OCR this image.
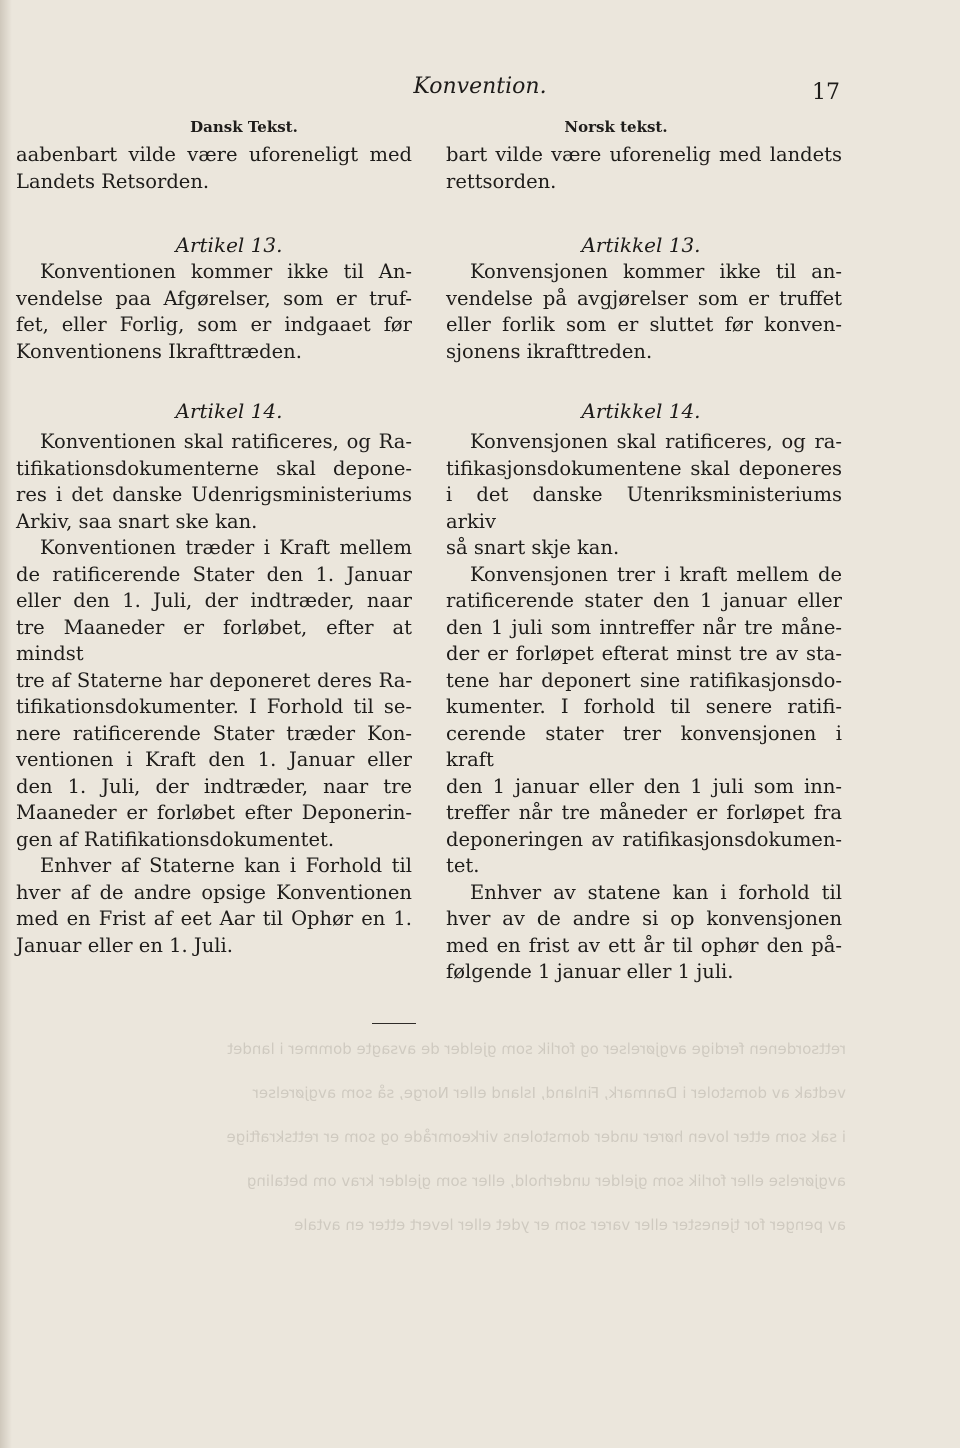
Konvention.	17
rettsordenen ferdige avgjørelser og forlik som gjelder de avsagte dommer i landet
vedtak av domstoler i Danmark, Finland, Island eller Norge, så som avgjørelser
i sak som etter loven hører under domstolens virkeområde og som er rettskraftige
avgjørelse eller forlik som gjelder underhold, eller som gjelder krav om betaling
av penger for tjenester eller varer som er ydet eller levert etter en avtale
Dansk Tekst.
aabenbart vilde være uforeneligt med
Landets Retsorden.
Artikel 13.
Konventionen kommer ikke til An-
vendelse paa Afgørelser, som er truf-
fet, eller Forlig, som er indgaaet før
Konventionens Ikrafttræden.
Artikel 14.
Konventionen skal ratificeres, og Ra-
tifikationsdokumenterne skal depone-
res i det danske Udenrigsministeriums
Arkiv, saa snart ske kan.
Konventionen træder i Kraft mellem
de ratificerende Stater den 1. Januar
eller den 1. Juli, der indtræder, naar
tre Maaneder er forløbet, efter at mindst
tre af Staterne har deponeret deres Ra-
tifikationsdokumenter. I Forhold til se-
nere ratificerende Stater træder Kon-
ventionen i Kraft den 1. Januar eller
den 1. Juli, der indtræder, naar tre
Maaneder er forløbet efter Deponerin-
gen af Ratifikationsdokumentet.
Enhver af Staterne kan i Forhold til
hver af de andre opsige Konventionen
med en Frist af eet Aar til Ophør en 1.
Januar eller en 1. Juli.
Norsk tekst.
bart vilde være uforenelig med landets
rettsorden.
Artikkel 13.
Konvensjonen kommer ikke til an-
vendelse på avgjørelser som er truffet
eller forlik som er sluttet før konven-
sjonens ikrafttreden.
Artikkel 14.
Konvensjonen skal ratificeres, og ra-
tifikasjonsdokumentene skal deponeres
i det danske Utenriksministeriums arkiv
så snart skje kan.
Konvensjonen trer i kraft mellem de
ratificerende stater den 1 januar eller
den 1 juli som inntreffer når tre måne-
der er forløpet efterat minst tre av sta-
tene har deponert sine ratifikasjonsdo-
kumenter. I forhold til senere ratifi-
cerende stater trer konvensjonen i kraft
den 1 januar eller den 1 juli som inn-
treffer når tre måneder er forløpet fra
deponeringen av ratifikasjonsdokumen-
tet.
Enhver av statene kan i forhold til
hver av de andre si op konvensjonen
med en frist av ett år til ophør den på-
følgende 1 januar eller 1 juli.
